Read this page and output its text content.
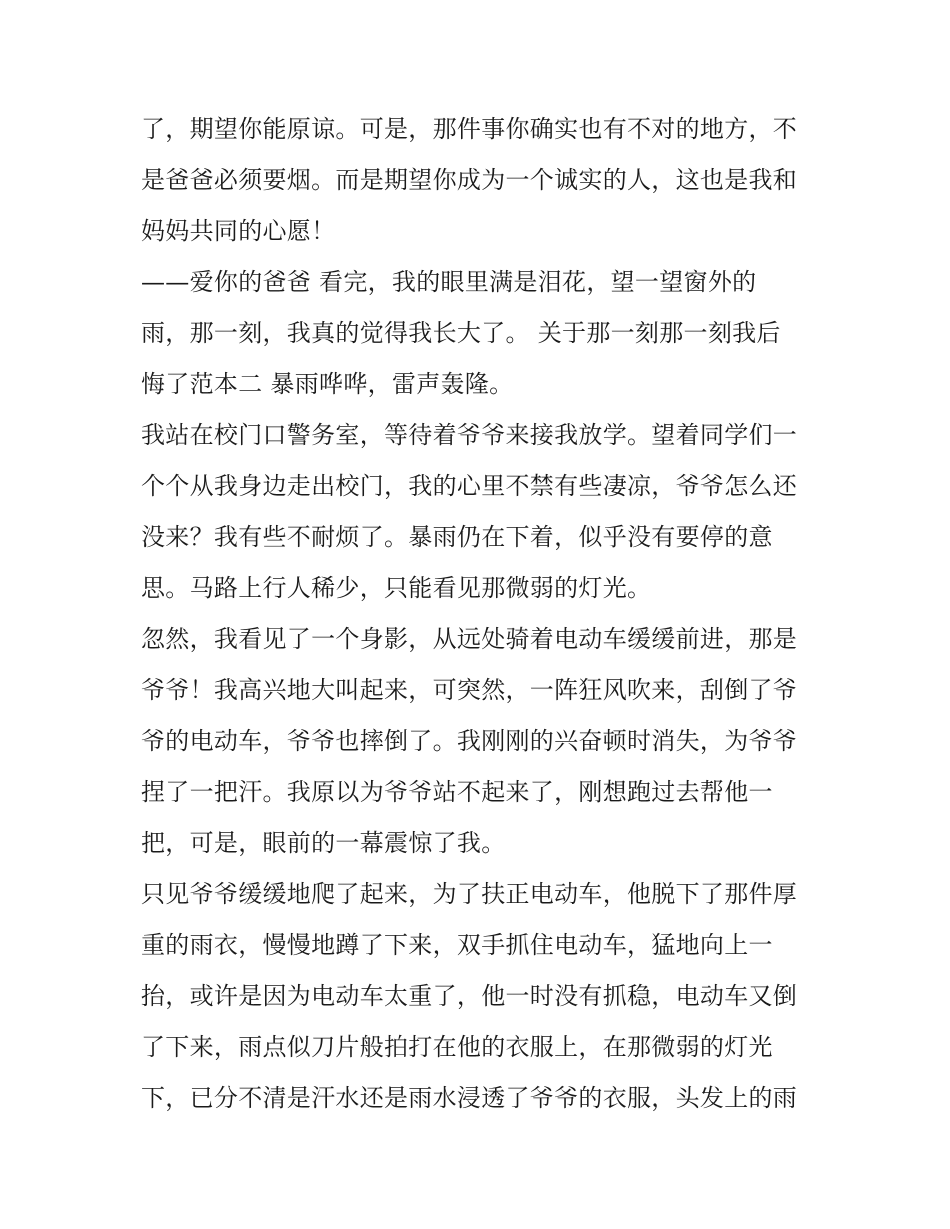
了，期望你能原谅。可是，那件事你确实也有不对的地方，不
是爸爸必须要烟。而是期望你成为一个诚实的人，这也是我和
妈妈共同的心愿！
——爱你的爸爸 看完，我的眼里满是泪花，望一望窗外的
雨，那一刻，我真的觉得我长大了。 关于那一刻那一刻我后
悔了范本二 暴雨哗哗，雷声轰隆。
我站在校门口警务室，等待着爷爷来接我放学。望着同学们一
个个从我身边走出校门，我的心里不禁有些凄凉，爷爷怎么还
没来？我有些不耐烦了。暴雨仍在下着，似乎没有要停的意
思。马路上行人稀少，只能看见那微弱的灯光。
忽然，我看见了一个身影，从远处骑着电动车缓缓前进，那是
爷爷！我高兴地大叫起来，可突然，一阵狂风吹来，刮倒了爷
爷的电动车，爷爷也摔倒了。我刚刚的兴奋顿时消失，为爷爷
捏了一把汗。我原以为爷爷站不起来了，刚想跑过去帮他一
把，可是，眼前的一幕震惊了我。
只见爷爷缓缓地爬了起来，为了扶正电动车，他脱下了那件厚
重的雨衣，慢慢地蹲了下来，双手抓住电动车，猛地向上一
抬，或许是因为电动车太重了，他一时没有抓稳，电动车又倒
了下来，雨点似刀片般拍打在他的衣服上，在那微弱的灯光
下，已分不清是汗水还是雨水浸透了爷爷的衣服，头发上的雨
